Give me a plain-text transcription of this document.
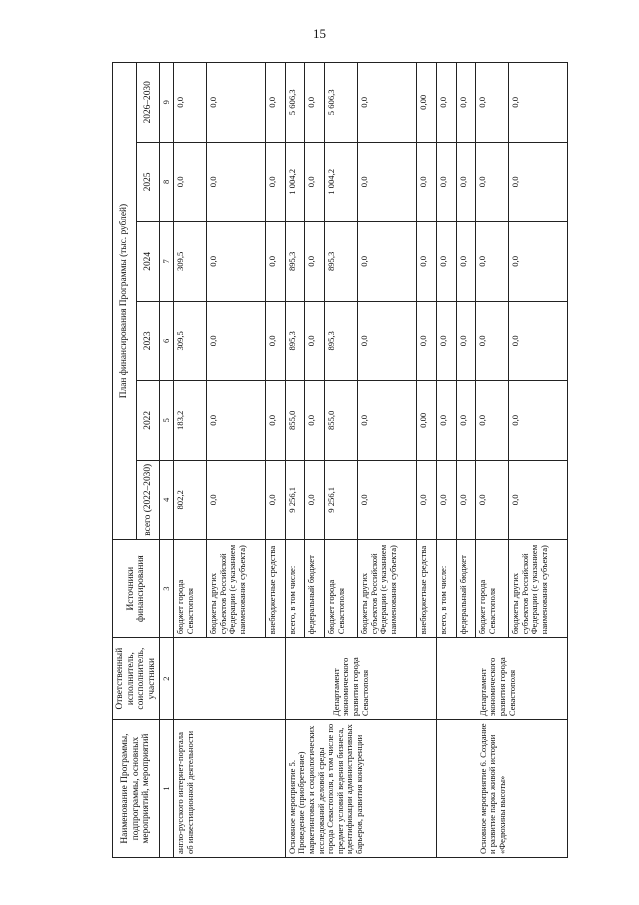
15
Наименование Программы, подпрограммы, основных мероприятий, мероприятий	Ответственный исполнитель, соисполнитель, участники	Источники финансирования	План финансирования Программы (тыс. рублей)					
			всего (2022–2030)	2022	2023	2024	2025	2026–2030
1	2	3	4	5	6	7	8	9
англо-русского интернет-портала об инвестиционной деятельности		бюджет города Севастополя	802,2	183,2	309,5	309,5	0,0	0,0
		бюджеты других субъектов Российской Федерации (с указанием наименования субъекта)	0,0	0,0	0,0	0,0	0,0	0,0
		внебюджетные средства	0,0	0,0	0,0	0,0	0,0	0,0
Основное мероприятие 5. Проведение (приобретение) маркетинговых и социологических исследований деловой среды города Севастополя, в том числе по предмет условий ведения бизнеса, идентификации административных барьеров, развития конкуренции	Департамент экономического развития города Севастополя	всего, в том числе:	9 256,1	855,0	895,3	895,3	1 004,2	5 606,3
		федеральный бюджет	0,0	0,0	0,0	0,0	0,0	0,0
		бюджет города Севастополя	9 256,1	855,0	895,3	895,3	1 004,2	5 606,3
		бюджеты других субъектов Российской Федерации (с указанием наименования субъекта)	0,0	0,0	0,0	0,0	0,0	0,0
		внебюджетные средства	0,0	0,00	0,0	0,0	0,0	0,00

Основное мероприятие 6. Создание и развитие парка живой истории «Федюхины высоты»	Департамент экономического развития города Севастополя	всего, в том числе:	0,0	0,0	0,0	0,0	0,0	0,0
		федеральный бюджет	0,0	0,0	0,0	0,0	0,0	0,0
		бюджет города Севастополя	0,0	0,0	0,0	0,0	0,0	0,0
		бюджеты других субъектов Российской Федерации (с указанием наименования субъекта)	0,0	0,0	0,0	0,0	0,0	0,0
